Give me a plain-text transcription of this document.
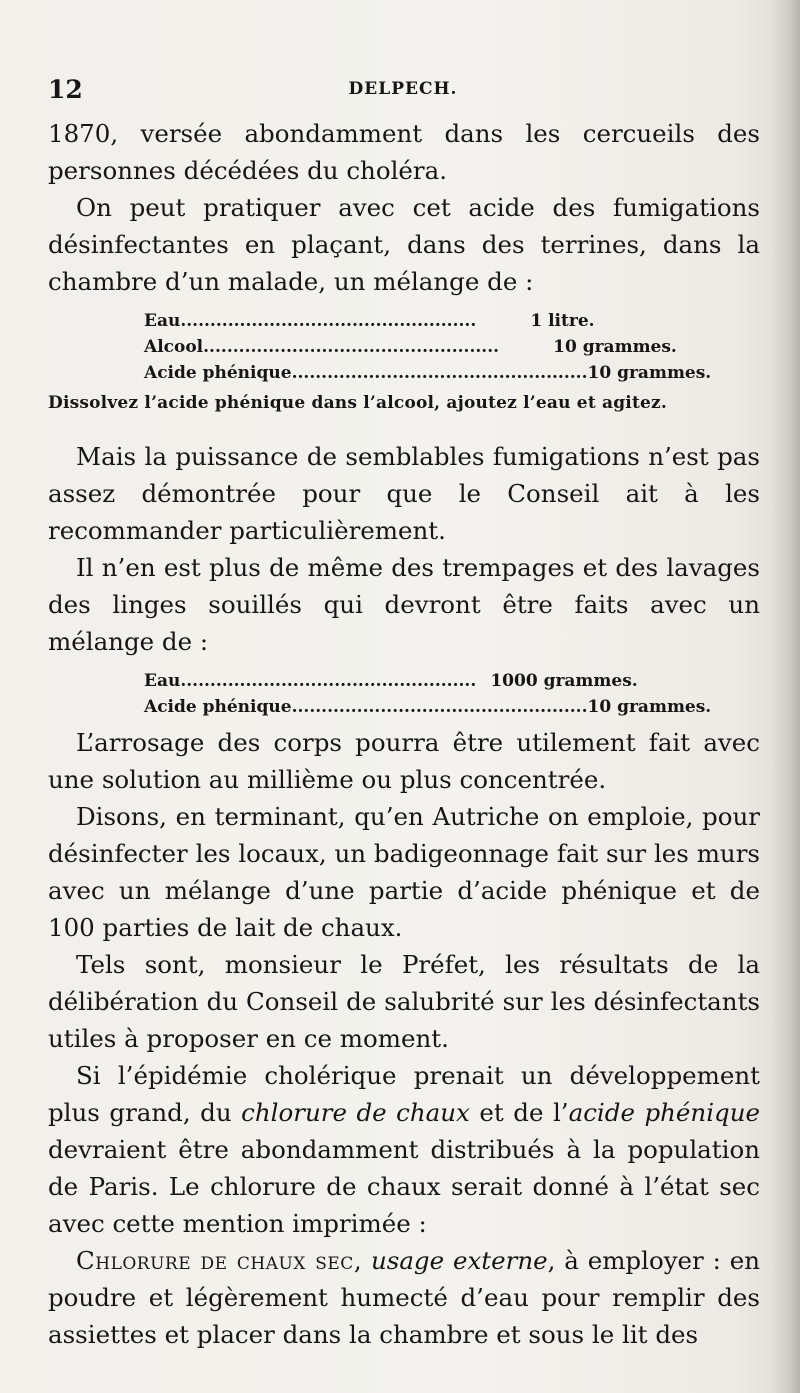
12	DELPECH.

1870, versée abondamment dans les cercueils des personnes décédées du choléra.

On peut pratiquer avec cet acide des fumigations désinfectantes en plaçant, dans des terrines, dans la chambre d’un malade, un mélange de :

Eau ..................................................	1 litre.
Alcool ..................................................	10 grammes.
Acide phénique .................................................. 10 grammes.
Dissolvez l’acide phénique dans l’alcool, ajoutez l’eau et agitez.

Mais la puissance de semblables fumigations n’est pas assez démontrée pour que le Conseil ait à les recommander particulièrement.

Il n’en est plus de même des trempages et des lavages des linges souillés qui devront être faits avec un mélange de :

Eau .................................................. 1000 grammes.
Acide phénique .................................................. 10 grammes.

L’arrosage des corps pourra être utilement fait avec une solution au millième ou plus concentrée.

Disons, en terminant, qu’en Autriche on emploie, pour désinfecter les locaux, un badigeonnage fait sur les murs avec un mélange d’une partie d’acide phénique et de 100 parties de lait de chaux.

Tels sont, monsieur le Préfet, les résultats de la délibération du Conseil de salubrité sur les désinfectants utiles à proposer en ce moment.

Si l’épidémie cholérique prenait un développement plus grand, du chlorure de chaux et de l’acide phénique devraient être abondamment distribués à la population de Paris. Le chlorure de chaux serait donné à l’état sec avec cette mention imprimée :

Chlorure de chaux sec, usage externe, à employer : en poudre et légèrement humecté d’eau pour remplir des assiettes et placer dans la chambre et sous le lit des
